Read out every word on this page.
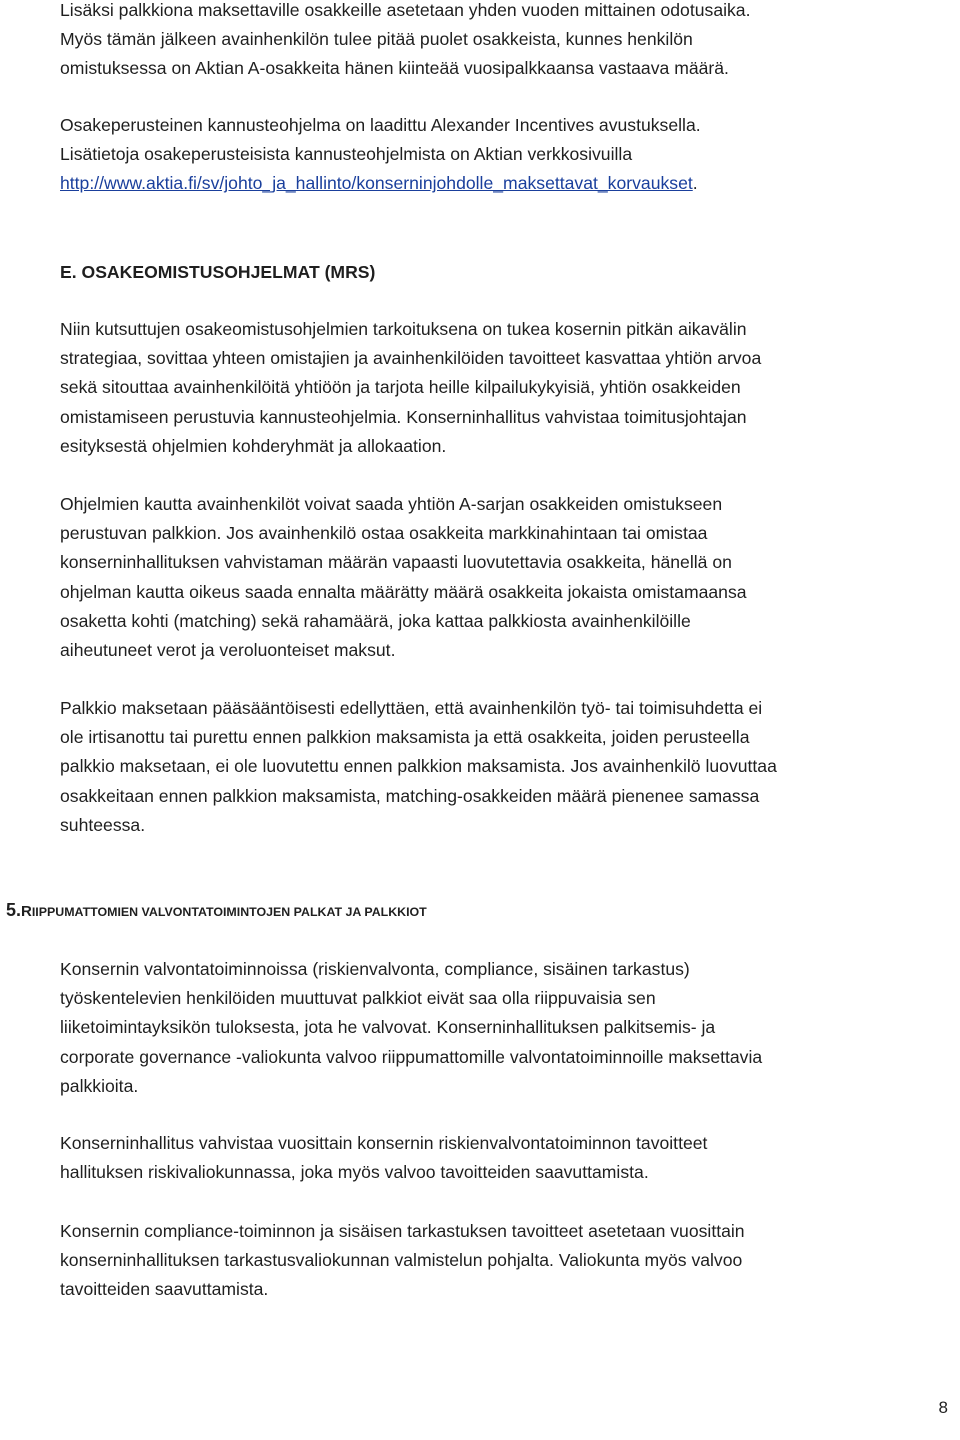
Lisäksi palkkiona maksettaville osakkeille asetetaan yhden vuoden mittainen odotusaika.
Myös tämän jälkeen avainhenkilön tulee pitää puolet osakkeista, kunnes henkilön
omistuksessa on Aktian A-osakkeita hänen kiinteää vuosipalkkaansa vastaava määrä.

Osakeperusteinen kannusteohjelma on laadittu Alexander Incentives avustuksella.
Lisätietoja osakeperusteisista kannusteohjelmista on Aktian verkkosivuilla
http://www.aktia.fi/sv/johto_ja_hallinto/konserninjohdolle_maksettavat_korvaukset.

E. OSAKEOMISTUSOHJELMAT (MRS)

Niin kutsuttujen osakeomistusohjelmien tarkoituksena on tukea kosernin pitkän aikavälin
strategiaa, sovittaa yhteen omistajien ja avainhenkilöiden tavoitteet kasvattaa yhtiön arvoa
sekä sitouttaa avainhenkilöitä yhtiöön ja tarjota heille kilpailukykyisiä, yhtiön osakkeiden
omistamiseen perustuvia kannusteohjelmia. Konserninhallitus vahvistaa toimitusjohtajan
esityksestä ohjelmien kohderyhmät ja allokaation.

Ohjelmien kautta avainhenkilöt voivat saada yhtiön A-sarjan osakkeiden omistukseen
perustuvan palkkion. Jos avainhenkilö ostaa osakkeita markkinahintaan tai omistaa
konserninhallituksen vahvistaman määrän vapaasti luovutettavia osakkeita, hänellä on
ohjelman kautta oikeus saada ennalta määrätty määrä osakkeita jokaista omistamaansa
osaketta kohti (matching) sekä rahamäärä, joka kattaa palkkiosta avainhenkilöille
aiheutuneet verot ja veroluonteiset maksut.

Palkkio maksetaan pääsääntöisesti edellyttäen, että avainhenkilön työ- tai toimisuhdetta ei
ole irtisanottu tai purettu ennen palkkion maksamista ja että osakkeita, joiden perusteella
palkkio maksetaan, ei ole luovutettu ennen palkkion maksamista. Jos avainhenkilö luovuttaa
osakkeitaan ennen palkkion maksamista, matching-osakkeiden määrä pienenee samassa
suhteessa.

5.RIIPPUMATTOMIEN VALVONTATOIMINTOJEN PALKAT JA PALKKIOT

Konsernin valvontatoiminnoissa (riskienvalvonta, compliance, sisäinen tarkastus)
työskentelevien henkilöiden muuttuvat palkkiot eivät saa olla riippuvaisia sen
liiketoimintayksikön tuloksesta, jota he valvovat. Konserninhallituksen palkitsemis- ja
corporate governance -valiokunta valvoo riippumattomille valvontatoiminnoille maksettavia
palkkioita.

Konserninhallitus vahvistaa vuosittain konsernin riskienvalvontatoiminnon tavoitteet
hallituksen riskivaliokunnassa, joka myös valvoo tavoitteiden saavuttamista.

Konsernin compliance-toiminnon ja sisäisen tarkastuksen tavoitteet asetetaan vuosittain
konserninhallituksen tarkastusvaliokunnan valmistelun pohjalta. Valiokunta myös valvoo
tavoitteiden saavuttamista.

8
